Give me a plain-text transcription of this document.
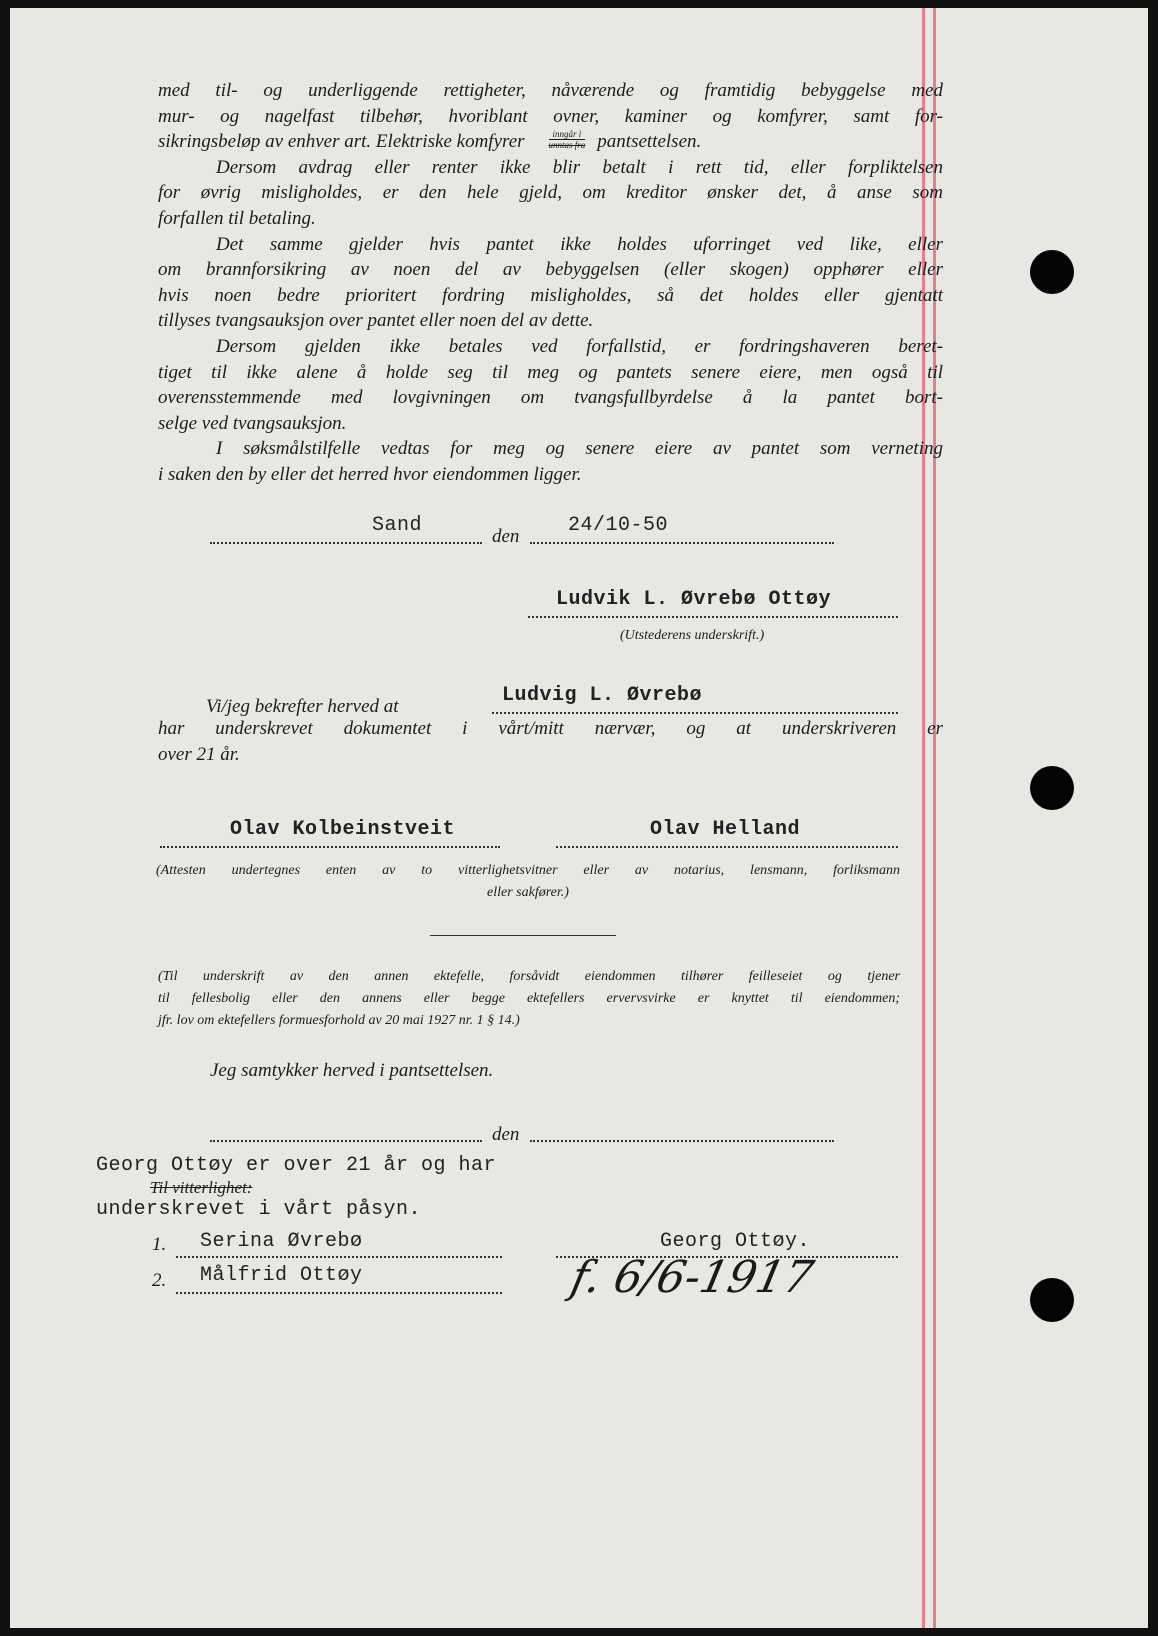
med til- og underliggende rettigheter, nåværende og framtidig bebyggelse med

mur- og nagelfast tilbehør, hvoriblant ovner, kaminer og komfyrer, samt for-

sikringsbeløp av enhver art. Elektriske komfyrer	$\frac{\text{inngår i}}{\text{unntas fra}}$ pantsettelsen.

Dersom avdrag eller renter ikke blir betalt i rett tid, eller forpliktelsen

for øvrig misligholdes, er den hele gjeld, om kreditor ønsker det, å anse som

forfallen til betaling.

Det samme gjelder hvis pantet ikke holdes uforringet ved like, eller

om brannforsikring av noen del av bebyggelsen (eller skogen) opphører eller

hvis noen bedre prioritert fordring misligholdes, så det holdes eller gjentatt

tillyses tvangsauksjon over pantet eller noen del av dette.

Dersom gjelden ikke betales ved forfallstid, er fordringshaveren beret-

tiget til ikke alene å holde seg til meg og pantets senere eiere, men også til

overensstemmende med lovgivningen om tvangsfullbyrdelse å la pantet bort-

selge ved tvangsauksjon.

I søksmålstilfelle vedtas for meg og senere eiere av pantet som verneting

i saken den by eller det herred hvor eiendommen ligger.

Sand	den 24/10-50
Ludvik L. Øvrebø Ottøy
(Utstederens underskrift.)
Vi/jeg bekrefter herved at	Ludvig L. Øvrebø

har underskrevet dokumentet i vårt/mitt nærvær, og at underskriveren er

over 21 år.

Olav Kolbeinstveit	Olav Helland

(Attesten undertegnes enten av to vitterlighetsvitner eller av notarius, lensmann, forliksmann

eller sakfører.)

(Til underskrift av den annen ektefelle, forsåvidt eiendommen tilhører feilleseiet og tjener

til fellesbolig eller den annens eller begge ektefellers ervervsvirke er knyttet til eiendommen;

jfr. lov om ektefellers formuesforhold av 20 mai 1927 nr. 1 § 14.)

Jeg samtykker herved i pantsettelsen.
den
Georg Ottøy er over 21 år og har
Til vitterlighet:
underskrevet i vårt påsyn.
1. Serina Øvrebø	Georg Ottøy.
2. Målfrid Ottøy	f. 6/6-1917
